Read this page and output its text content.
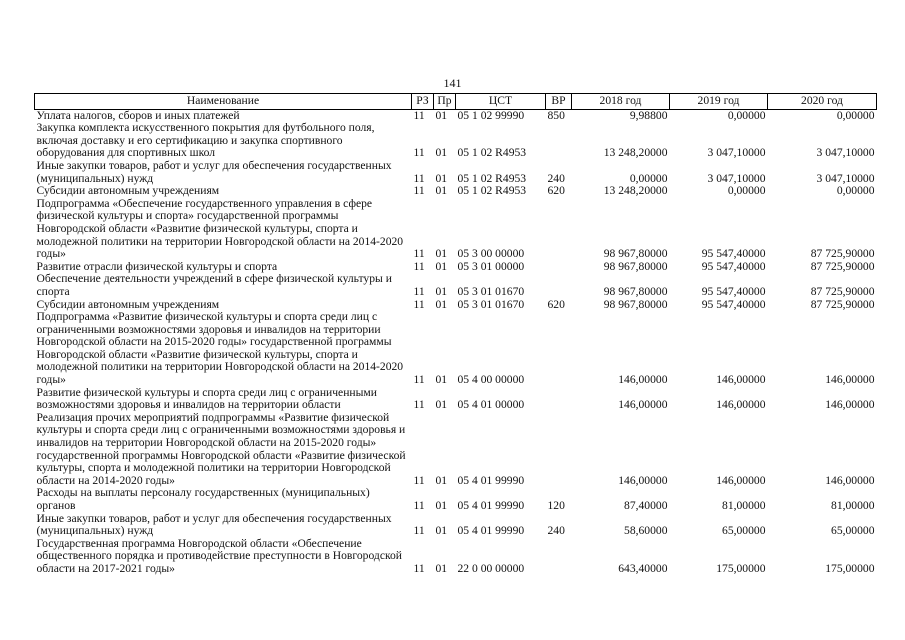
141
Наименование	РЗ	Пр	ЦСТ	ВР	2018 год	2019 год	2020 год
Уплата налогов, сборов и иных платежей	11	01	05 1 02 99990	850	9,98800	0,00000	0,00000
Закупка комплекта искусственного покрытия для футбольного поля, включая доставку и его сертификацию и закупка спортивного оборудования для спортивных школ	11	01	05 1 02 R4953		13 248,20000	3 047,10000	3 047,10000
Иные закупки товаров, работ и услуг для обеспечения государственных (муниципальных) нужд	11	01	05 1 02 R4953	240	0,00000	3 047,10000	3 047,10000
Субсидии автономным учреждениям	11	01	05 1 02 R4953	620	13 248,20000	0,00000	0,00000
Подпрограмма «Обеспечение государственного управления в сфере физической культуры и спорта» государственной программы Новгородской области «Развитие физической культуры, спорта и молодежной политики на территории Новгородской области на 2014-2020 годы»	11	01	05 3 00 00000		98 967,80000	95 547,40000	87 725,90000
Развитие отрасли физической культуры и спорта	11	01	05 3 01 00000		98 967,80000	95 547,40000	87 725,90000
Обеспечение деятельности учреждений в сфере физической культуры и спорта	11	01	05 3 01 01670		98 967,80000	95 547,40000	87 725,90000
Субсидии автономным учреждениям	11	01	05 3 01 01670	620	98 967,80000	95 547,40000	87 725,90000
Подпрограмма «Развитие физической культуры и спорта среди лиц с ограниченными возможностями здоровья и инвалидов на территории Новгородской области на 2015-2020 годы» государственной программы Новгородской области «Развитие физической культуры, спорта и молодежной политики на территории Новгородской области на 2014-2020 годы»	11	01	05 4 00 00000		146,00000	146,00000	146,00000
Развитие физической культуры и спорта среди лиц с ограниченными возможностями здоровья и инвалидов на территории области	11	01	05 4 01 00000		146,00000	146,00000	146,00000
Реализация прочих мероприятий подпрограммы «Развитие физической культуры и спорта среди лиц с ограниченными возможностями здоровья и инвалидов на территории Новгородской области на 2015-2020 годы» государственной программы Новгородской области «Развитие физической культуры, спорта и молодежной политики на территории Новгородской области на 2014-2020 годы»	11	01	05 4 01 99990		146,00000	146,00000	146,00000
Расходы на выплаты персоналу государственных (муниципальных) органов	11	01	05 4 01 99990	120	87,40000	81,00000	81,00000
Иные закупки товаров, работ и услуг для обеспечения государственных (муниципальных) нужд	11	01	05 4 01 99990	240	58,60000	65,00000	65,00000
Государственная программа Новгородской области «Обеспечение общественного порядка и противодействие преступности в Новгородской области на 2017-2021 годы»	11	01	22 0 00 00000		643,40000	175,00000	175,00000
